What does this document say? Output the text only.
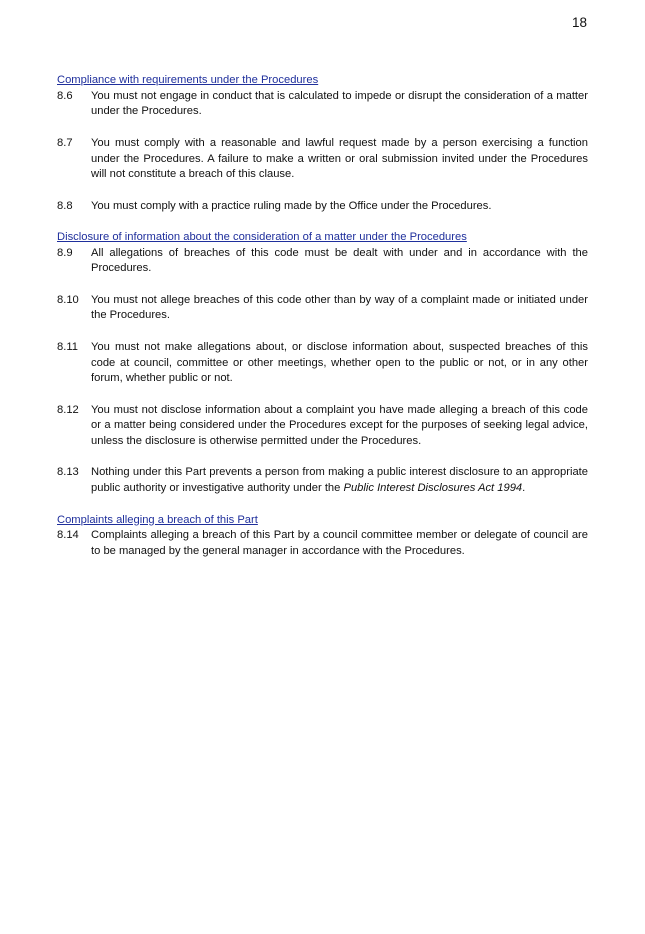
18

Compliance with requirements under the Procedures

8.6	You must not engage in conduct that is calculated to impede or disrupt the consideration of a matter under the Procedures.
8.7	You must comply with a reasonable and lawful request made by a person exercising a function under the Procedures. A failure to make a written or oral submission invited under the Procedures will not constitute a breach of this clause.
8.8	You must comply with a practice ruling made by the Office under the Procedures.

Disclosure of information about the consideration of a matter under the Procedures

8.9	All allegations of breaches of this code must be dealt with under and in accordance with the Procedures.
8.10	You must not allege breaches of this code other than by way of a complaint made or initiated under the Procedures.
8.11	You must not make allegations about, or disclose information about, suspected breaches of this code at council, committee or other meetings, whether open to the public or not, or in any other forum, whether public or not.
8.12	You must not disclose information about a complaint you have made alleging a breach of this code or a matter being considered under the Procedures except for the purposes of seeking legal advice, unless the disclosure is otherwise permitted under the Procedures.
8.13	Nothing under this Part prevents a person from making a public interest disclosure to an appropriate public authority or investigative authority under the Public Interest Disclosures Act 1994.

Complaints alleging a breach of this Part

8.14	Complaints alleging a breach of this Part by a council committee member or delegate of council are to be managed by the general manager in accordance with the Procedures.
